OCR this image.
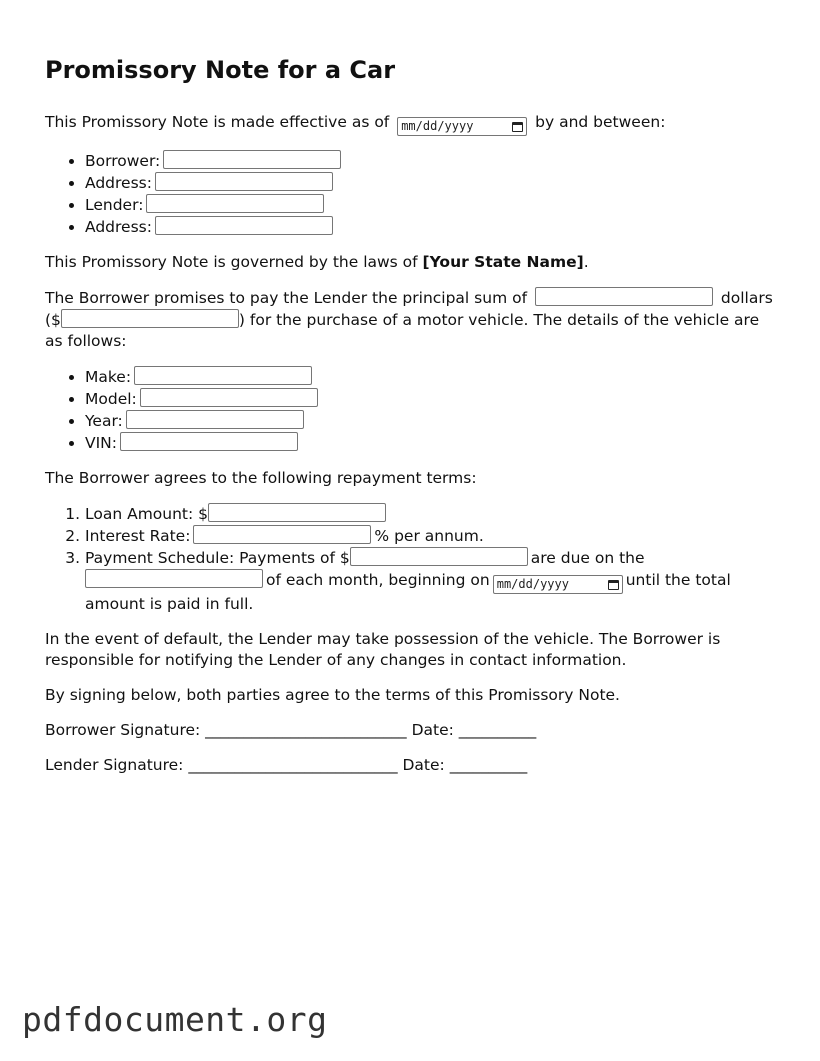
Promissory Note for a Car

This Promissory Note is made effective as of mm/dd/yyyy	by and between:

• Borrower:
• Address:
• Lender:
• Address:

This Promissory Note is governed by the laws of [Your State Name].

The Borrower promises to pay the Lender the principal sum of	dollars ($	) for the purchase of a motor vehicle. The details of the vehicle are as follows:

• Make:
• Model:
• Year:
• VIN:

The Borrower agrees to the following repayment terms:

1. Loan Amount: $
2. Interest Rate:	% per annum.
3. Payment Schedule: Payments of $	are due on the of each month, beginning on mm/dd/yyyy	until the total amount is paid in full.

In the event of default, the Lender may take possession of the vehicle. The Borrower is responsible for notifying the Lender of any changes in contact information.

By signing below, both parties agree to the terms of this Promissory Note.

Borrower Signature: __________________________ Date: __________

Lender Signature: ___________________________ Date: __________

pdfdocument.org
